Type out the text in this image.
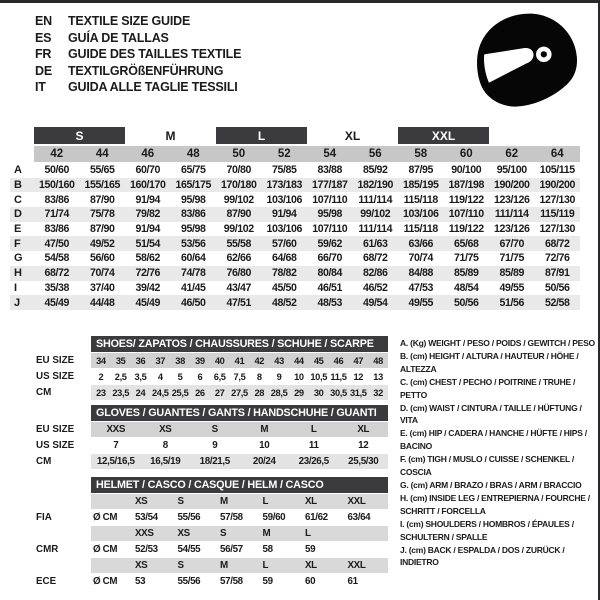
EN	TEXTILE SIZE GUIDE
ES	GUÍA DE TALLAS
FR	GUIDE DES TAILLES TEXTILE
DE	TEXTILGRÖßENFÜHRUNG
IT	GUIDA ALLE TAGLIE TESSILI
S	M	L	XL	XXL
42	44	46	48	50	52	54	56	58	60	62	64
A	50/60	55/65	60/70	65/75	70/80	75/85	83/88	85/92	87/95	90/100	95/100	105/115
B	150/160 155/165 160/170 165/175 170/180 173/183 177/187 182/190 185/195 187/198 190/200 190/200
C	83/86	87/90	91/94	95/98	99/102	103/106 107/110	111/114	115/118	119/122 123/126 127/130
D	71/74	75/78	79/82	83/86	87/90	91/94	95/98	99/102	103/106 107/110	111/114	115/119
E	83/86	87/90	91/94	95/98	99/102	103/106 107/110	111/114	115/118	119/122 123/126 127/130
F	47/50	49/52	51/54	53/56	55/58	57/60	59/62	61/63	63/66	65/68	67/70	68/72
G	54/58	56/60	58/62	60/64	62/66	64/68	66/70	68/72	70/74	71/75	71/75	72/76
H	68/72	70/74	72/76	74/78	76/80	78/82	80/84	82/86	84/88	85/89	85/89	87/91
I	35/38	37/40	39/42	41/45	43/47	45/50	46/51	46/52	47/53	48/54	49/55	50/56
J	45/49	44/48	45/49	46/50	47/51	48/52	48/53	49/54	49/55	50/56	51/56	52/58
SHOES/ ZAPATOS / CHAUSSURES / SCHUHE / SCARPE
EU SIZE	34	35	36	37	38	39	40	41	42	43	44	45	46	47	48
US SIZE	2	2,5 3,5	4	5	6	6,5 7,5	8	9	10 10,5 11,5 12	13
CM	23 23,5 24 24,5 25,5 26	27 27,5 28 28,5 29	30 30,5 31,5 32
GLOVES / GUANTES / GANTS / HANDSCHUHE / GUANTI
EU SIZE	XXS	XS	S	M	L	XL
US SIZE	7	8	9	10	11	12
CM	12,5/16,5	16,5/19	18/21,5	20/24	23/26,5	25,5/30
HELMET / CASCO / CASQUE / HELM / CASCO
XS	S	M	L	XL	XXL
FIA	Ø CM	53/54	55/56	57/58	59/60	61/62	63/64
XXS	XS	S	M	L
CMR	Ø CM	52/53	54/55	56/57	58	59
XS	S	M	L	XL	XXL
ECE	Ø CM	53	55/56	57/58	59	60	61
A. (Kg) WEIGHT / PESO / POIDS / GEWITCH / PESO
B. (cm) HEIGHT / ALTURA / HAUTEUR / HÖHE / ALTEZZA
C. (cm) CHEST / PECHO / POITRINE / TRUHE / PETTO
D. (cm) WAIST / CINTURA / TAILLE / HÜFTUNG / VITA
E. (cm) HIP / CADERA / HANCHE / HÜFTE / HIPS / BACINO
F. (cm) TIGH / MUSLO / CUISSE / SCHENKEL / COSCIA
G. (cm) ARM / BRAZO / BRAS / ARM / BRACCIO
H. (cm) INSIDE LEG / ENTREPIERNA / FOURCHE / SCHRITT / FORCELLA
I. (cm) SHOULDERS / HOMBROS / ÉPAULES / SCHULTERN / SPALLE
J. (cm) BACK / ESPALDA / DOS / ZURÜCK / INDIETRO
